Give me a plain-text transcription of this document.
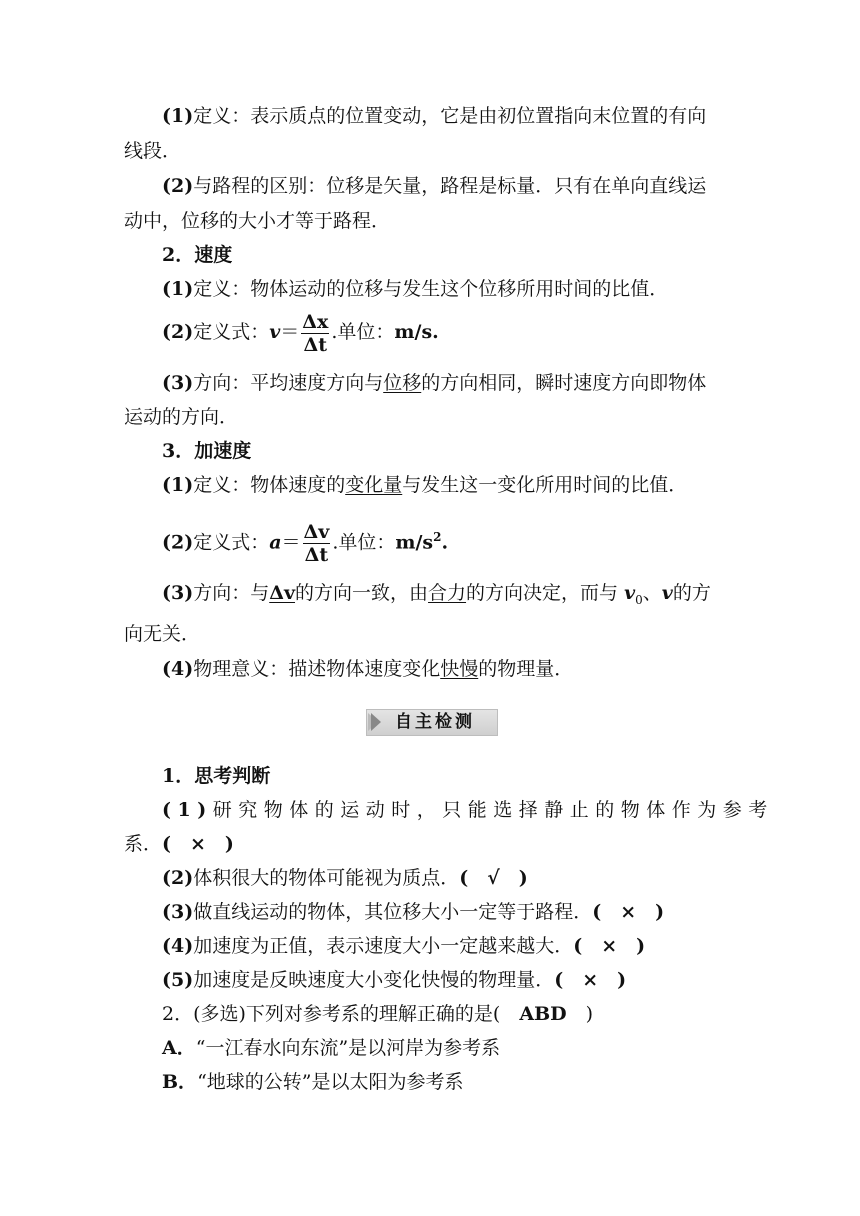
(1)定义：表示质点的位置变动，它是由初位置指向末位置的有向
线段．
(2)与路程的区别：位移是矢量，路程是标量．只有在单向直线运
动中，位移的大小才等于路程．
2．速度
(1)定义：物体运动的位移与发生这个位移所用时间的比值．
(2)定义式：$v= \frac{\Delta x}{\Delta t}$ .单位：m/s.
(3)方向：平均速度方向与位移的方向相同，瞬时速度方向即物体
运动的方向．
3．加速度
(1)定义：物体速度的变化量与发生这一变化所用时间的比值．
(2)定义式：$a= \frac{\Delta v}{\Delta t}$ .单位：$m/s^2$.
(3)方向：与Δv的方向一致，由合力的方向决定，而与 $v_0$、v的方
向无关．
(4)物理意义：描述物体速度变化快慢的物理量．
自主检测
1．思考判断
(1)研究物体的运动时，只能选择静止的物体作为参考
系．(　×　)
(2)体积很大的物体可能视为质点．(　√　)
(3)做直线运动的物体，其位移大小一定等于路程．(　×　)
(4)加速度为正值，表示速度大小一定越来越大．(　×　)
(5)加速度是反映速度大小变化快慢的物理量．(　×　)
2．(多选)下列对参考系的理解正确的是(　ABD　)
A．“一江春水向东流”是以河岸为参考系
B．“地球的公转”是以太阳为参考系
